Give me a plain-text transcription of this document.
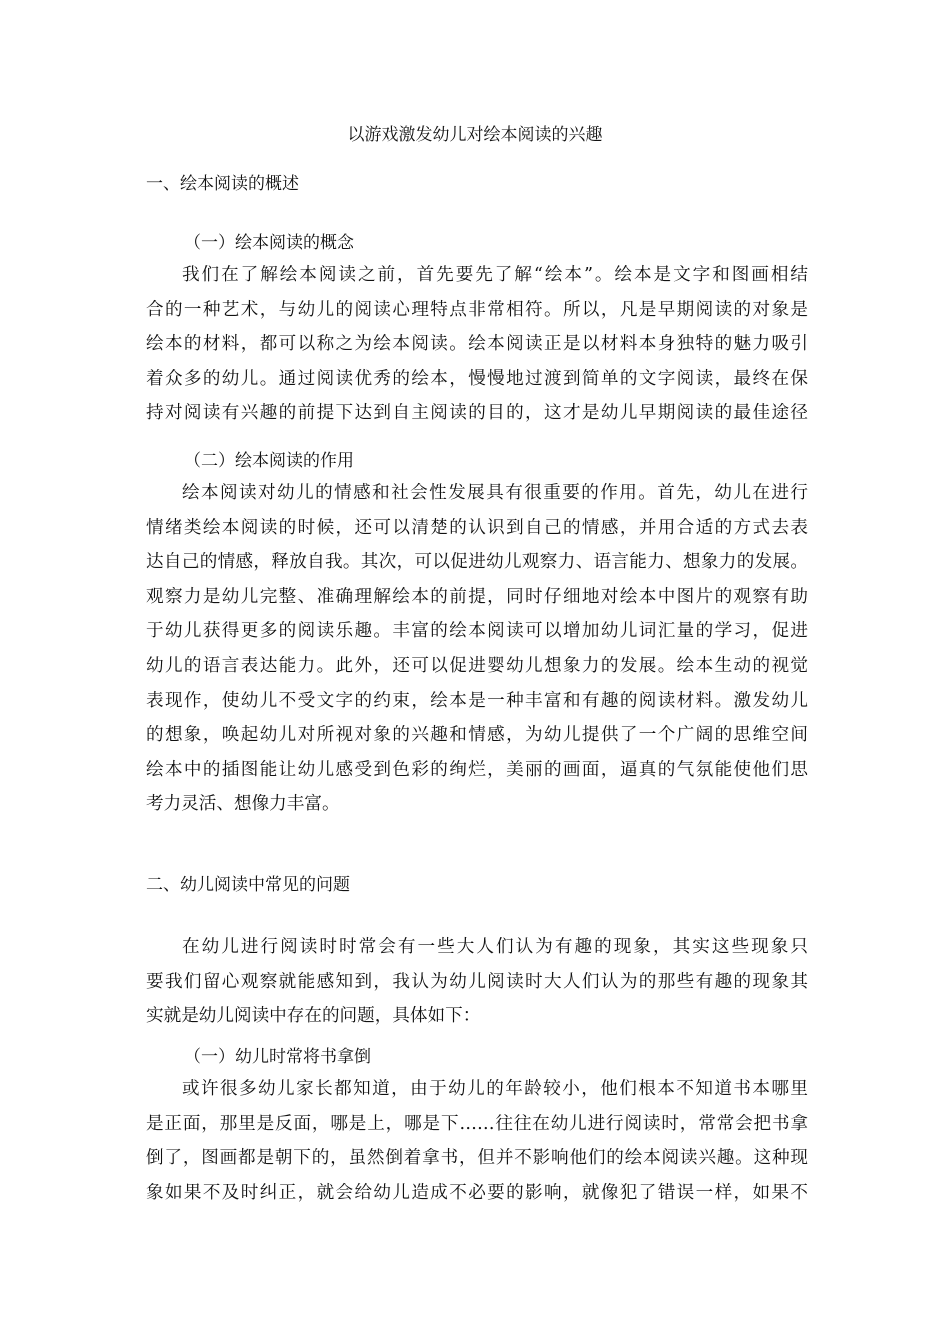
以游戏激发幼儿对绘本阅读的兴趣
一、绘本阅读的概述
（一）绘本阅读的概念
我们在了解绘本阅读之前，首先要先了解“绘本”。绘本是文字和图画相结
合的一种艺术，与幼儿的阅读心理特点非常相符。所以，凡是早期阅读的对象是
绘本的材料，都可以称之为绘本阅读。绘本阅读正是以材料本身独特的魅力吸引
着众多的幼儿。通过阅读优秀的绘本，慢慢地过渡到简单的文字阅读，最终在保
持对阅读有兴趣的前提下达到自主阅读的目的，这才是幼儿早期阅读的最佳途径
（二）绘本阅读的作用
绘本阅读对幼儿的情感和社会性发展具有很重要的作用。首先，幼儿在进行
情绪类绘本阅读的时候，还可以清楚的认识到自己的情感，并用合适的方式去表
达自己的情感，释放自我。其次，可以促进幼儿观察力、语言能力、想象力的发展。
观察力是幼儿完整、准确理解绘本的前提，同时仔细地对绘本中图片的观察有助
于幼儿获得更多的阅读乐趣。丰富的绘本阅读可以增加幼儿词汇量的学习，促进
幼儿的语言表达能力。此外，还可以促进婴幼儿想象力的发展。绘本生动的视觉
表现作，使幼儿不受文字的约束，绘本是一种丰富和有趣的阅读材料。激发幼儿
的想象，唤起幼儿对所视对象的兴趣和情感，为幼儿提供了一个广阔的思维空间
绘本中的插图能让幼儿感受到色彩的绚烂，美丽的画面，逼真的气氛能使他们思
考力灵活、想像力丰富。
二、幼儿阅读中常见的问题
在幼儿进行阅读时时常会有一些大人们认为有趣的现象，其实这些现象只
要我们留心观察就能感知到，我认为幼儿阅读时大人们认为的那些有趣的现象其
实就是幼儿阅读中存在的问题，具体如下：
（一）幼儿时常将书拿倒
或许很多幼儿家长都知道，由于幼儿的年龄较小，他们根本不知道书本哪里
是正面，那里是反面，哪是上，哪是下……往往在幼儿进行阅读时，常常会把书拿
倒了，图画都是朝下的，虽然倒着拿书，但并不影响他们的绘本阅读兴趣。这种现
象如果不及时纠正，就会给幼儿造成不必要的影响，就像犯了错误一样，如果不
